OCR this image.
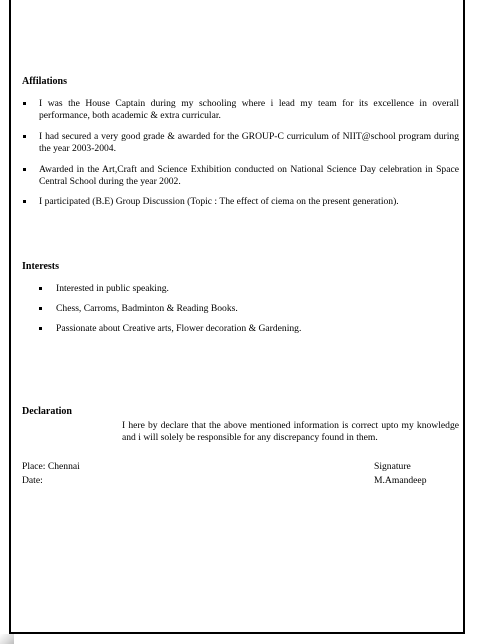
Affilations
I was the House Captain during my schooling where i lead my team for its excellence in overall performance, both academic & extra curricular.
I had secured a very good grade & awarded for the GROUP-C curriculum of NIIT@school program during the year 2003-2004.
Awarded in the Art,Craft and Science Exhibition conducted on National Science Day celebration in Space Central School during the year 2002.
I participated (B.E) Group Discussion (Topic : The effect of ciema on the present generation).
Interests
Interested in public speaking.
Chess, Carroms, Badminton & Reading Books.
Passionate about Creative arts, Flower decoration & Gardening.
Declaration
I here by declare that the above mentioned information is correct upto my knowledge and i will solely be responsible for any discrepancy found in them.
Place: Chennai
Date:
Signature
M.Amandeep
